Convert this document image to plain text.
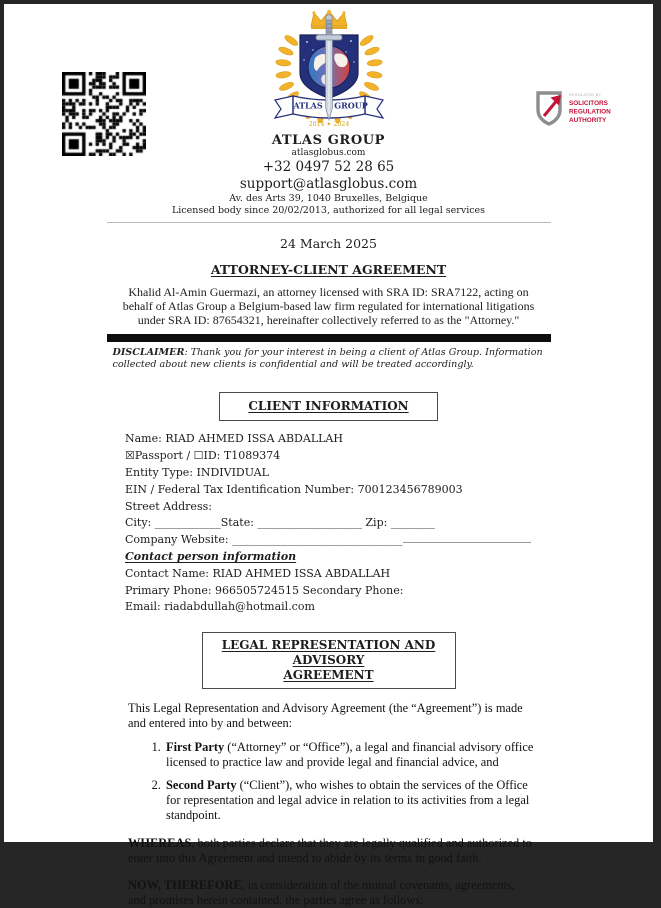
ATLAS GROUP
2014 ✦ 2024
REGULATED BY
SOLICITORS
REGULATION
AUTHORITY
ATLAS GROUP
atlasglobus.com
+32 0497 52 28 65
support@atlasglobus.com
Av. des Arts 39, 1040 Bruxelles, Belgique
Licensed body since 20/02/2013, authorized for all legal services
24 March 2025
ATTORNEY-CLIENT AGREEMENT

Khalid Al-Amin Guermazi, an attorney licensed with SRA ID: SRA7122, acting on behalf of Atlas Group a Belgium-based law firm regulated for international litigations under SRA ID: 87654321, hereinafter collectively referred to as the "Attorney."

DISCLAIMER: Thank you for your interest in being a client of Atlas Group. Information collected about new clients is confidential and will be treated accordingly.

CLIENT INFORMATION
Name: RIAD AHMED ISSA ABDALLAH
☒Passport / ☐ID: T1089374
Entity Type: INDIVIDUAL
EIN / Federal Tax Identification Number: 700123456789003
Street Address:
City: ____________State: ___________________ Zip: ________
Company Website: _______________________________
Contact person information
Contact Name: RIAD AHMED ISSA ABDALLAH
Primary Phone: 966505724515 Secondary Phone:
Email: riadabdullah@hotmail.com
LEGAL REPRESENTATION AND ADVISORY
AGREEMENT

This Legal Representation and Advisory Agreement (the “Agreement”) is made and entered into by and between:

1. First Party (“Attorney” or “Office”), a legal and financial advisory office licensed to practice law and provide legal and financial advice, and
2. Second Party (“Client”), who wishes to obtain the services of the Office for representation and legal advice in relation to its activities from a legal standpoint.

WHEREAS, both parties declare that they are legally qualified and authorized to enter into this Agreement and intend to abide by its terms in good faith.

NOW, THEREFORE, in consideration of the mutual covenants, agreements, and promises herein contained, the parties agree as follows:
